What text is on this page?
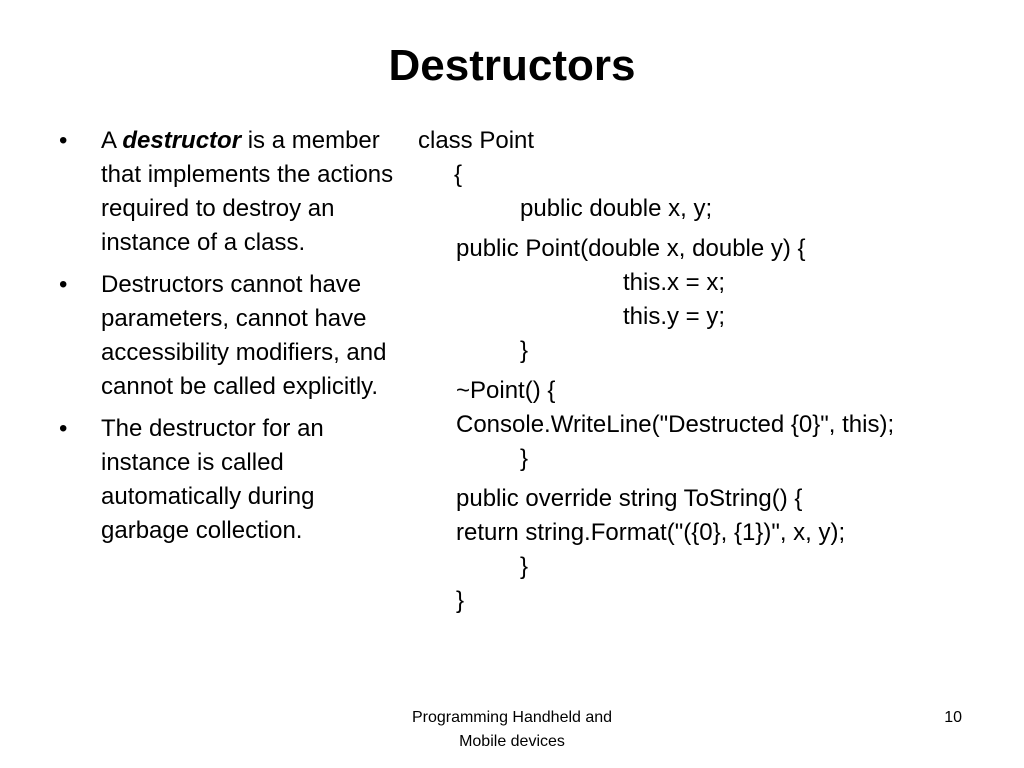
Destructors
• A destructor is a member that implements the actions required to destroy an instance of a class.
• Destructors cannot have parameters, cannot have accessibility modifiers, and cannot be called explicitly.
• The destructor for an instance is called automatically during garbage collection.
class Point
{
public double x, y;
public Point(double x, double y) {
this.x = x;
this.y = y;
}
~Point() {
Console.WriteLine("Destructed {0}", this);
}
public override string ToString() {
return string.Format("({0}, {1})", x, y);
}
}
Programming Handheld and
Mobile devices
10
